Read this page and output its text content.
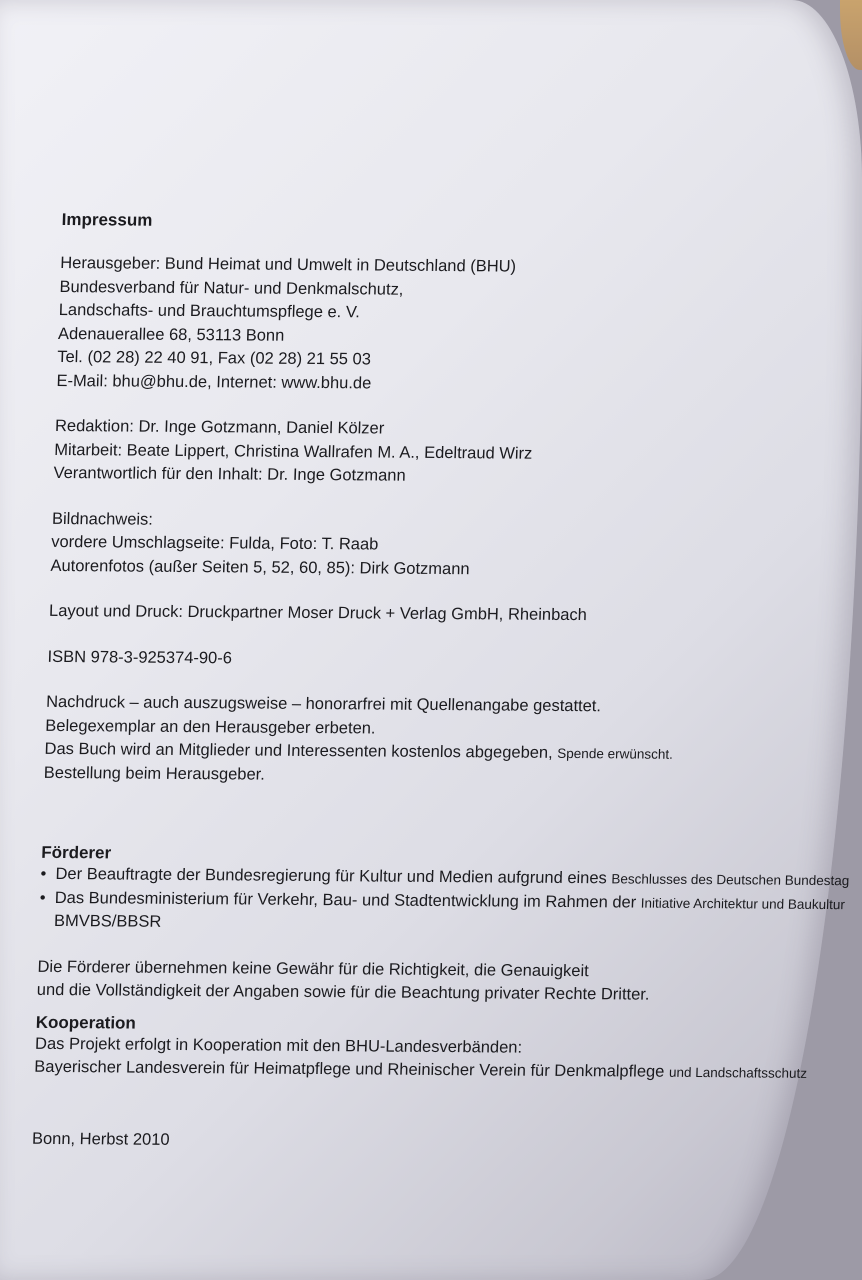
Impressum
Herausgeber: Bund Heimat und Umwelt in Deutschland (BHU)
Bundesverband für Natur- und Denkmalschutz,
Landschafts- und Brauchtumspflege e. V.
Adenauerallee 68, 53113 Bonn
Tel. (02 28) 22 40 91, Fax (02 28) 21 55 03
E-Mail: bhu@bhu.de, Internet: www.bhu.de
Redaktion: Dr. Inge Gotzmann, Daniel Kölzer
Mitarbeit: Beate Lippert, Christina Wallrafen M. A., Edeltraud Wirz
Verantwortlich für den Inhalt: Dr. Inge Gotzmann
Bildnachweis:
vordere Umschlagseite: Fulda, Foto: T. Raab
Autorenfotos (außer Seiten 5, 52, 60, 85): Dirk Gotzmann
Layout und Druck: Druckpartner Moser Druck + Verlag GmbH, Rheinbach
ISBN 978-3-925374-90-6
Nachdruck – auch auszugsweise – honorarfrei mit Quellenangabe gestattet.
Belegexemplar an den Herausgeber erbeten.
Das Buch wird an Mitglieder und Interessenten kostenlos abgegeben, Spende erwünscht.
Bestellung beim Herausgeber.
Förderer
• Der Beauftragte der Bundesregierung für Kultur und Medien aufgrund eines Beschlusses des Deutschen Bundestag
• Das Bundesministerium für Verkehr, Bau- und Stadtentwicklung im Rahmen der Initiative Architektur und Baukultur
BMVBS/BBSR
Die Förderer übernehmen keine Gewähr für die Richtigkeit, die Genauigkeit
und die Vollständigkeit der Angaben sowie für die Beachtung privater Rechte Dritter.
Kooperation
Das Projekt erfolgt in Kooperation mit den BHU-Landesverbänden:
Bayerischer Landesverein für Heimatpflege und Rheinischer Verein für Denkmalpflege und Landschaftsschutz
Bonn, Herbst 2010
